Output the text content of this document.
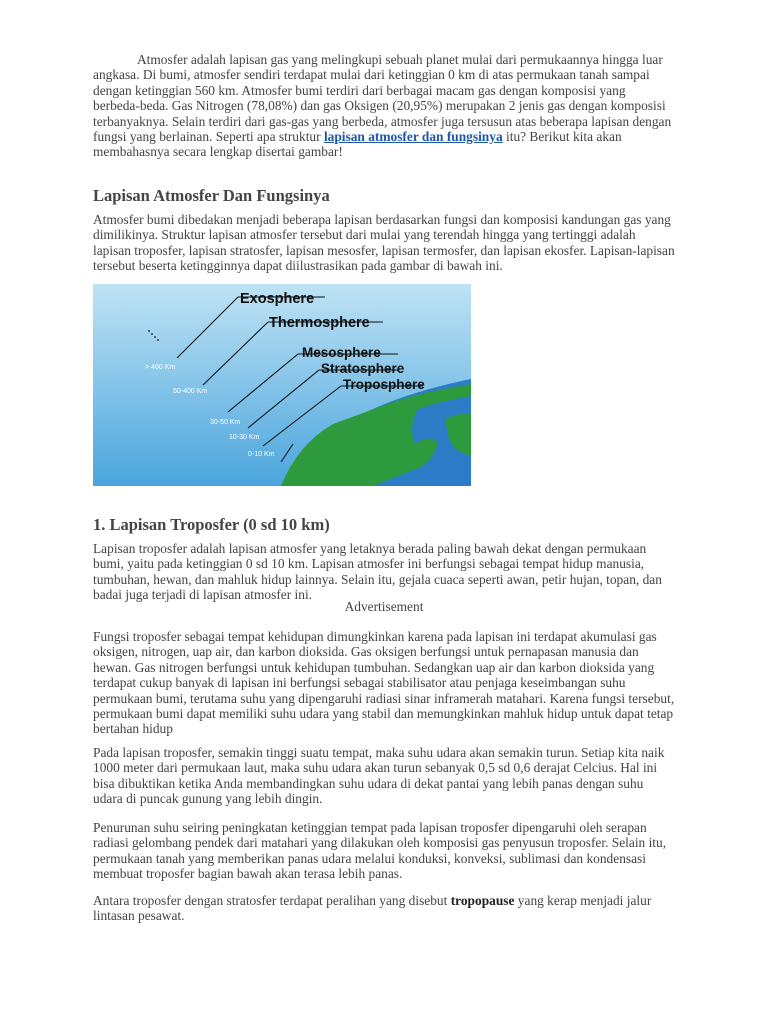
Atmosfer adalah lapisan gas yang melingkupi sebuah planet mulai dari permukaannya hingga luar angkasa. Di bumi, atmosfer sendiri terdapat mulai dari ketinggian 0 km di atas permukaan tanah sampai dengan ketinggian 560 km. Atmosfer bumi terdiri dari berbagai macam gas dengan komposisi yang berbeda-beda. Gas Nitrogen (78,08%) dan gas Oksigen (20,95%) merupakan 2 jenis gas dengan komposisi terbanyaknya. Selain terdiri dari gas-gas yang berbeda, atmosfer juga tersusun atas beberapa lapisan dengan fungsi yang berlainan. Seperti apa struktur lapisan atmosfer dan fungsinya itu? Berikut kita akan membahasnya secara lengkap disertai gambar!

Lapisan Atmosfer Dan Fungsinya

Atmosfer bumi dibedakan menjadi beberapa lapisan berdasarkan fungsi dan komposisi kandungan gas yang dimilikinya. Struktur lapisan atmosfer tersebut dari mulai yang terendah hingga yang tertinggi adalah lapisan troposfer, lapisan stratosfer, lapisan mesosfer, lapisan termosfer, dan lapisan ekosfer. Lapisan-lapisan tersebut beserta ketingginnya dapat diilustrasikan pada gambar di bawah ini.

Exosphere
Thermosphere
Mesosphere
Stratosphere
Troposphere
> 400 Km
50-400 Km
30-50 Km
10-30 Km
0-10 Km
1. Lapisan Troposfer (0 sd 10 km)

Lapisan troposfer adalah lapisan atmosfer yang letaknya berada paling bawah dekat dengan permukaan bumi, yaitu pada ketinggian 0 sd 10 km. Lapisan atmosfer ini berfungsi sebagai tempat hidup manusia, tumbuhan, hewan, dan mahluk hidup lainnya. Selain itu, gejala cuaca seperti awan, petir hujan, topan, dan badai juga terjadi di lapisan atmosfer ini.

Advertisement

Fungsi troposfer sebagai tempat kehidupan dimungkinkan karena pada lapisan ini terdapat akumulasi gas oksigen, nitrogen, uap air, dan karbon dioksida. Gas oksigen berfungsi untuk pernapasan manusia dan hewan. Gas nitrogen berfungsi untuk kehidupan tumbuhan. Sedangkan uap air dan karbon dioksida yang terdapat cukup banyak di lapisan ini berfungsi sebagai stabilisator atau penjaga keseimbangan suhu permukaan bumi, terutama suhu yang dipengaruhi radiasi sinar inframerah matahari. Karena fungsi tersebut, permukaan bumi dapat memiliki suhu udara yang stabil dan memungkinkan mahluk hidup untuk dapat tetap bertahan hidup

Pada lapisan troposfer, semakin tinggi suatu tempat, maka suhu udara akan semakin turun. Setiap kita naik 1000 meter dari permukaan laut, maka suhu udara akan turun sebanyak 0,5 sd 0,6 derajat Celcius. Hal ini bisa dibuktikan ketika Anda membandingkan suhu udara di dekat pantai yang lebih panas dengan suhu udara di puncak gunung yang lebih dingin.

Penurunan suhu seiring peningkatan ketinggian tempat pada lapisan troposfer dipengaruhi oleh serapan radiasi gelombang pendek dari matahari yang dilakukan oleh komposisi gas penyusun troposfer. Selain itu, permukaan tanah yang memberikan panas udara melalui konduksi, konveksi, sublimasi dan kondensasi membuat troposfer bagian bawah akan terasa lebih panas.

Antara troposfer dengan stratosfer terdapat peralihan yang disebut tropopause yang kerap menjadi jalur lintasan pesawat.
